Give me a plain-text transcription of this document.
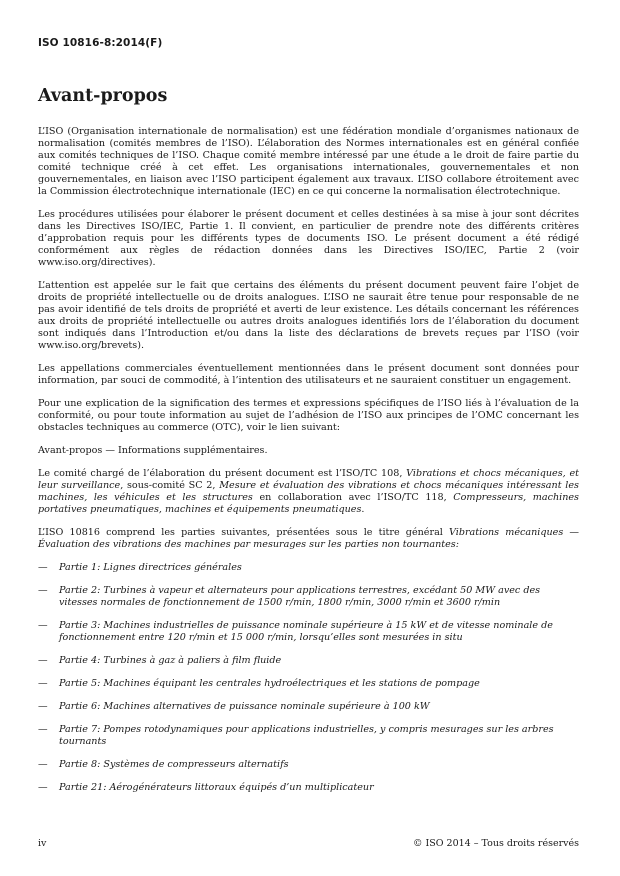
ISO 10816-8:2014(F)
Avant-propos

L’ISO (Organisation internationale de normalisation) est une fédération mondiale d’organismes nationaux de normalisation (comités membres de l’ISO). L’élaboration des Normes internationales est en général confiée aux comités techniques de l’ISO. Chaque comité membre intéressé par une étude a le droit de faire partie du comité technique créé à cet effet. Les organisations internationales, gouvernementales et non gouvernementales, en liaison avec l’ISO participent également aux travaux. L’ISO collabore étroitement avec la Commission électrotechnique internationale (IEC) en ce qui concerne la normalisation électrotechnique.

Les procédures utilisées pour élaborer le présent document et celles destinées à sa mise à jour sont décrites dans les Directives ISO/IEC, Partie 1. Il convient, en particulier de prendre note des différents critères d’approbation requis pour les différents types de documents ISO. Le présent document a été rédigé conformément aux règles de rédaction données dans les Directives ISO/IEC, Partie 2 (voir www.iso.org/directives).

L’attention est appelée sur le fait que certains des éléments du présent document peuvent faire l’objet de droits de propriété intellectuelle ou de droits analogues. L’ISO ne saurait être tenue pour responsable de ne pas avoir identifié de tels droits de propriété et averti de leur existence. Les détails concernant les références aux droits de propriété intellectuelle ou autres droits analogues identifiés lors de l’élaboration du document sont indiqués dans l’Introduction et/ou dans la liste des déclarations de brevets reçues par l’ISO (voir www.iso.org/brevets).

Les appellations commerciales éventuellement mentionnées dans le présent document sont données pour information, par souci de commodité, à l’intention des utilisateurs et ne sauraient constituer un engagement.

Pour une explication de la signification des termes et expressions spécifiques de l’ISO liés à l’évaluation de la conformité, ou pour toute information au sujet de l’adhésion de l’ISO aux principes de l’OMC concernant les obstacles techniques au commerce (OTC), voir le lien suivant:

Avant-propos — Informations supplémentaires.

Le comité chargé de l’élaboration du présent document est l’ISO/TC 108, Vibrations et chocs mécaniques, et leur surveillance, sous-comité SC 2, Mesure et évaluation des vibrations et chocs mécaniques intéressant les machines, les véhicules et les structures en collaboration avec l’ISO/TC 118, Compresseurs, machines portatives pneumatiques, machines et équipements pneumatiques.

L’ISO 10816 comprend les parties suivantes, présentées sous le titre général Vibrations mécaniques — Évaluation des vibrations des machines par mesurages sur les parties non tournantes:

— Partie 1: Lignes directrices générales
— Partie 2: Turbines à vapeur et alternateurs pour applications terrestres, excédant 50 MW avec des vitesses normales de fonctionnement de 1500 r/min, 1800 r/min, 3000 r/min et 3600 r/min
— Partie 3: Machines industrielles de puissance nominale supérieure à 15 kW et de vitesse nominale de fonctionnement entre 120 r/min et 15 000 r/min, lorsqu’elles sont mesurées in situ
— Partie 4: Turbines à gaz à paliers à film fluide
— Partie 5: Machines équipant les centrales hydroélectriques et les stations de pompage
— Partie 6: Machines alternatives de puissance nominale supérieure à 100 kW
— Partie 7: Pompes rotodynamiques pour applications industrielles, y compris mesurages sur les arbres tournants
— Partie 8: Systèmes de compresseurs alternatifs
— Partie 21: Aérogénérateurs littoraux équipés d’un multiplicateur
iv	© ISO 2014 – Tous droits réservés
